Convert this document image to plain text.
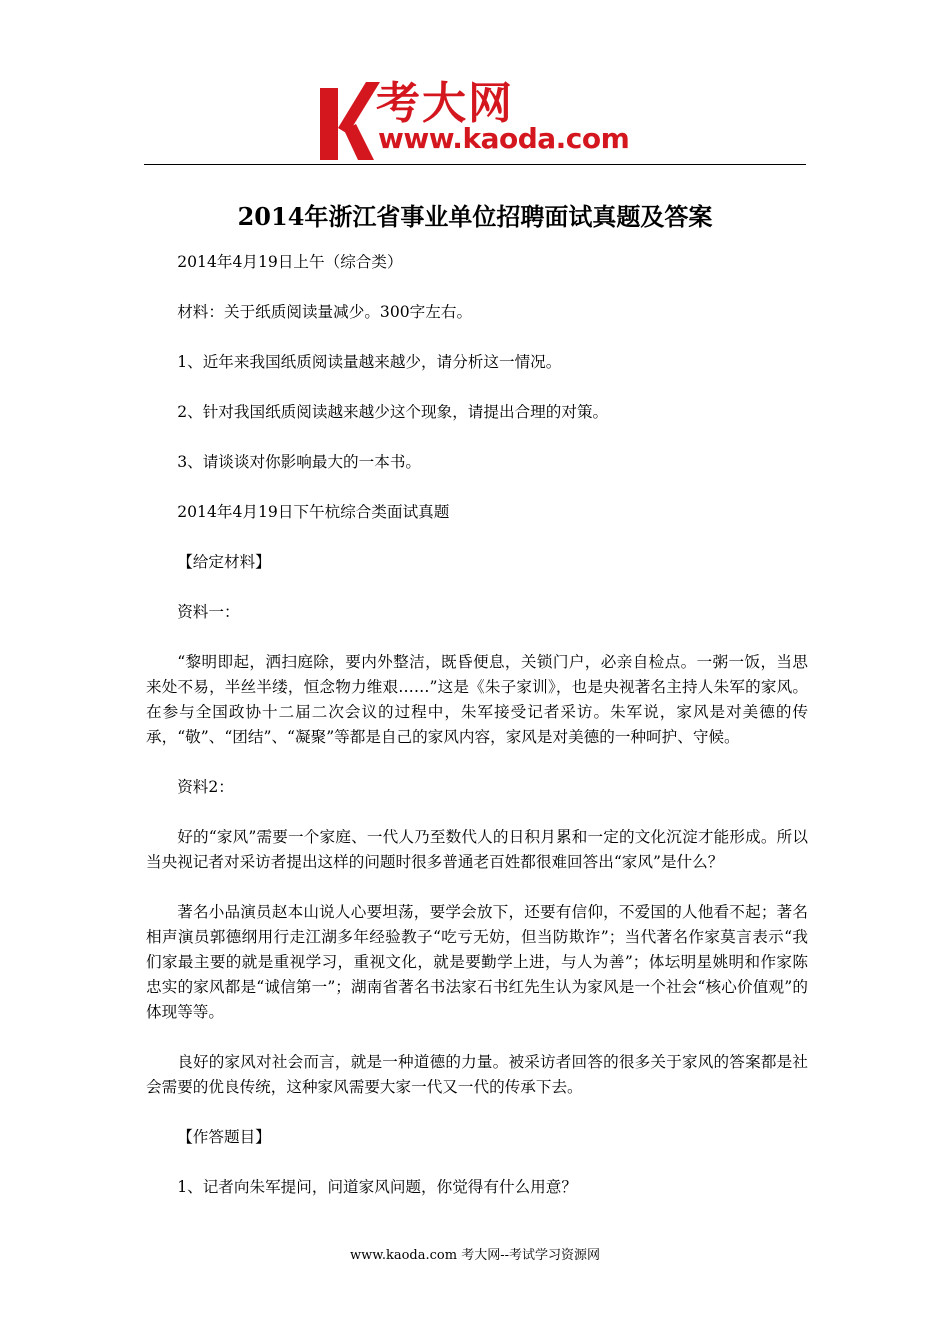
考大网
www.kaoda.com
2014年浙江省事业单位招聘面试真题及答案

2014年4月19日上午（综合类）

材料：关于纸质阅读量减少。300字左右。

1、近年来我国纸质阅读量越来越少，请分析这一情况。

2、针对我国纸质阅读越来越少这个现象，请提出合理的对策。

3、请谈谈对你影响最大的一本书。

2014年4月19日下午杭综合类面试真题

【给定材料】

资料一：

“黎明即起，洒扫庭除，要内外整洁，既昏便息，关锁门户，必亲自检点。一粥一饭，当思来处不易，半丝半缕，恒念物力维艰……”这是《朱子家训》，也是央视著名主持人朱军的家风。在参与全国政协十二届二次会议的过程中，朱军接受记者采访。朱军说，家风是对美德的传承，“敬”、“团结”、“凝聚”等都是自己的家风内容，家风是对美德的一种呵护、守候。

资料2：

好的“家风”需要一个家庭、一代人乃至数代人的日积月累和一定的文化沉淀才能形成。所以当央视记者对采访者提出这样的问题时很多普通老百姓都很难回答出“家风”是什么？

著名小品演员赵本山说人心要坦荡，要学会放下，还要有信仰，不爱国的人他看不起；著名相声演员郭德纲用行走江湖多年经验教子“吃亏无妨，但当防欺诈”；当代著名作家莫言表示“我们家最主要的就是重视学习，重视文化，就是要勤学上进，与人为善”；体坛明星姚明和作家陈忠实的家风都是“诚信第一”；湖南省著名书法家石书红先生认为家风是一个社会“核心价值观”的体现等等。

良好的家风对社会而言，就是一种道德的力量。被采访者回答的很多关于家风的答案都是社会需要的优良传统，这种家风需要大家一代又一代的传承下去。

【作答题目】

1、记者向朱军提问，问道家风问题，你觉得有什么用意？

www.kaoda.com 考大网--考试学习资源网
